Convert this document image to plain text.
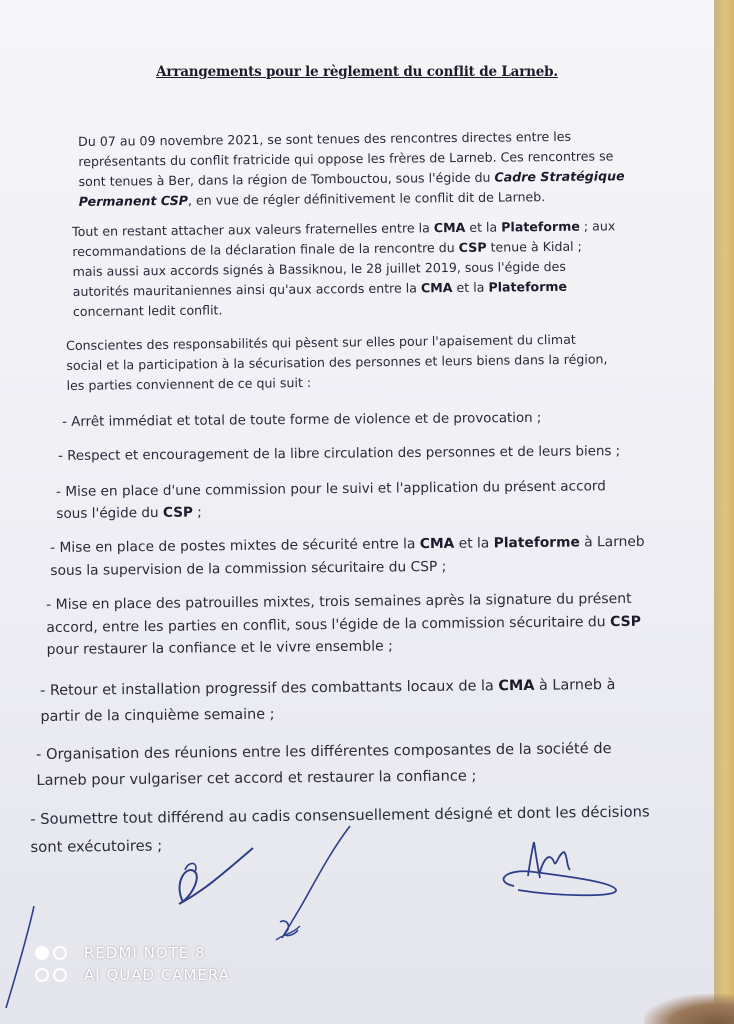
Arrangements pour le règlement du conflit de Larneb.
Du 07 au 09 novembre 2021, se sont tenues des rencontres directes entre les
représentants du conflit fratricide qui oppose les frères de Larneb. Ces rencontres se
sont tenues à Ber, dans la région de Tombouctou, sous l'égide du Cadre Stratégique
Permanent CSP, en vue de régler définitivement le conflit dit de Larneb.
Tout en restant attacher aux valeurs fraternelles entre la CMA et la Plateforme ; aux
recommandations de la déclaration finale de la rencontre du CSP tenue à Kidal ;
mais aussi aux accords signés à Bassiknou, le 28 juillet 2019, sous l'égide des
autorités mauritaniennes ainsi qu'aux accords entre la CMA et la Plateforme
concernant ledit conflit.
Conscientes des responsabilités qui pèsent sur elles pour l'apaisement du climat
social et la participation à la sécurisation des personnes et leurs biens dans la région,
les parties conviennent de ce qui suit :
- Arrêt immédiat et total de toute forme de violence et de provocation ;
- Respect et encouragement de la libre circulation des personnes et de leurs biens ;
- Mise en place d'une commission pour le suivi et l'application du présent accord
sous l'égide du CSP ;
- Mise en place de postes mixtes de sécurité entre la CMA et la Plateforme à Larneb
sous la supervision de la commission sécuritaire du CSP ;
- Mise en place des patrouilles mixtes, trois semaines après la signature du présent
accord, entre les parties en conflit, sous l'égide de la commission sécuritaire du CSP
pour restaurer la confiance et le vivre ensemble ;
- Retour et installation progressif des combattants locaux de la CMA à Larneb à
partir de la cinquième semaine ;
- Organisation des réunions entre les différentes composantes de la société de
Larneb pour vulgariser cet accord et restaurer la confiance ;
- Soumettre tout différend au cadis consensuellement désigné et dont les décisions
sont exécutoires ;
REDMI NOTE 8
AI QUAD CAMERA
